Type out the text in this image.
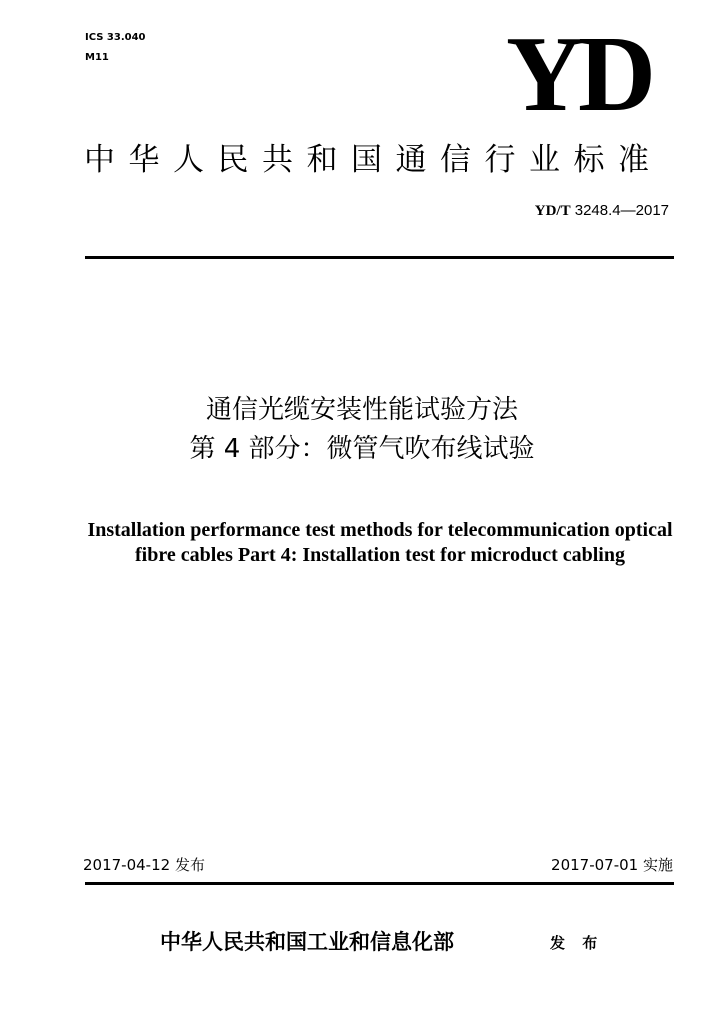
ICS 33.040
M11	YD
中华人民共和国通信行业标准
YD/T 3248.4—2017
通信光缆安装性能试验方法
第 4 部分：微管气吹布线试验
Installation performance test methods for telecommunication optical
fibre cables Part 4: Installation test for microduct cabling
2017-04-12 发布	2017-07-01 实施
中华人民共和国工业和信息化部	发 布
